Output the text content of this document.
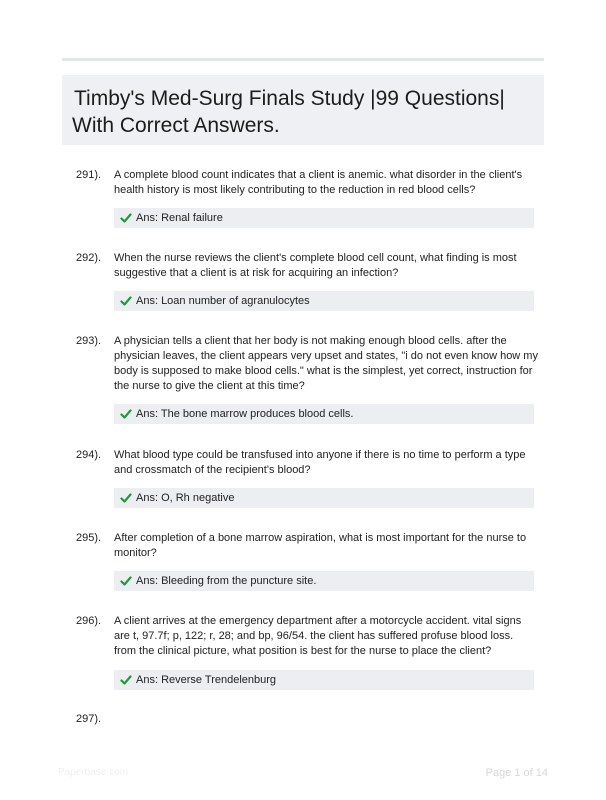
Timby's Med-Surg Finals Study |99 Questions|
With Correct Answers.
291). A complete blood count indicates that a client is anemic. what disorder in the client's health history is most likely contributing to the reduction in red blood cells?
Ans: Renal failure
292). When the nurse reviews the client's complete blood cell count, what finding is most suggestive that a client is at risk for acquiring an infection?
Ans: Loan number of agranulocytes
293). A physician tells a client that her body is not making enough blood cells. after the physician leaves, the client appears very upset and states, "i do not even know how my body is supposed to make blood cells." what is the simplest, yet correct, instruction for the nurse to give the client at this time?
Ans: The bone marrow produces blood cells.
294). What blood type could be transfused into anyone if there is no time to perform a type and crossmatch of the recipient's blood?
Ans: O, Rh negative
295). After completion of a bone marrow aspiration, what is most important for the nurse to monitor?
Ans: Bleeding from the puncture site.
296). A client arrives at the emergency department after a motorcycle accident. vital signs are t, 97.7f; p, 122; r, 28; and bp, 96/54. the client has suffered profuse blood loss. from the clinical picture, what position is best for the nurse to place the client?
Ans: Reverse Trendelenburg
297).
Paperbase.com	Page 1 of 14
